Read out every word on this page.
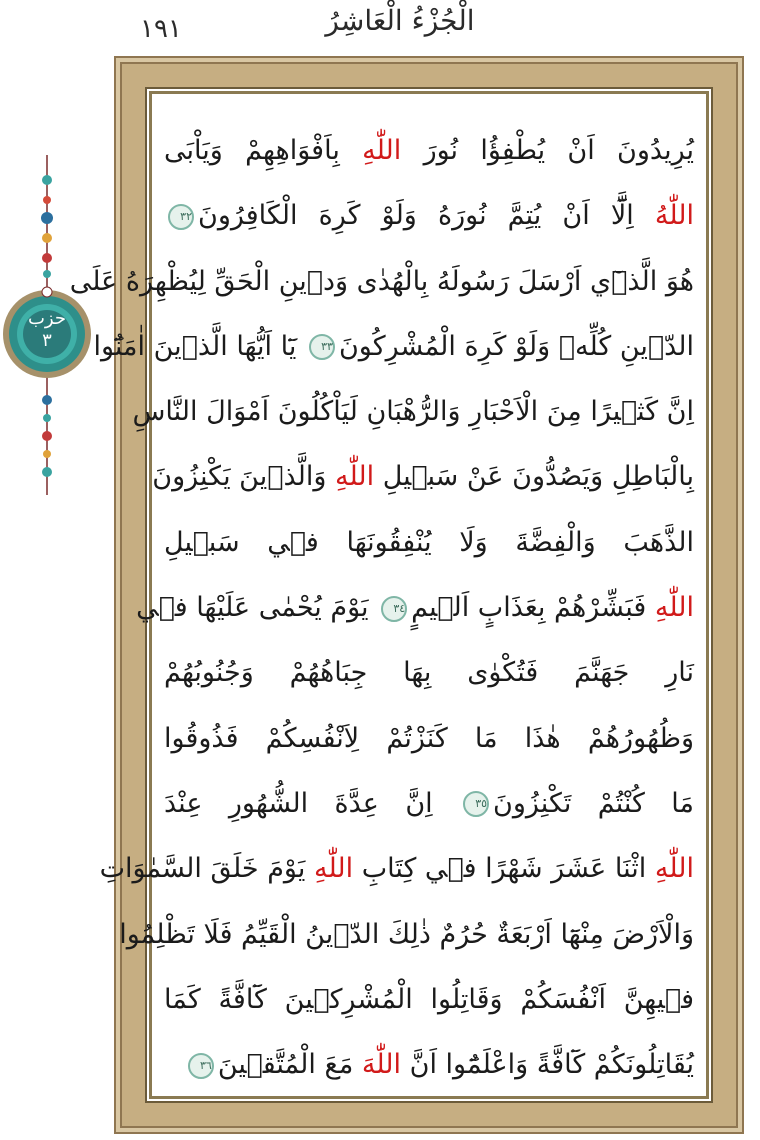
١٩١	الْجُزْءُ الْعَاشِرُ
حزب
٣
يُرِيدُونَ اَنْ يُطْفِؤُا نُورَ اللّٰهِ بِاَفْوَاهِهِمْ وَيَاْبَى
اللّٰهُ اِلَّٓا اَنْ يُتِمَّ نُورَهُ وَلَوْ كَرِهَ الْكَافِرُونَ٣٢
هُوَ الَّذٖٓي اَرْسَلَ رَسُولَهُ بِالْهُدٰى وَدٖينِ الْحَقِّ لِيُظْهِرَهُ عَلَى
الدّٖينِ كُلِّهٖ وَلَوْ كَرِهَ الْمُشْرِكُونَ٣٣ يَٓا اَيُّهَا الَّذٖينَ اٰمَنُٓوا
اِنَّ كَثٖيرًا مِنَ الْاَحْبَارِ وَالرُّهْبَانِ لَيَاْكُلُونَ اَمْوَالَ النَّاسِ
بِالْبَاطِلِ وَيَصُدُّونَ عَنْ سَبٖيلِ اللّٰهِ وَالَّذٖينَ يَكْنِزُونَ
الذَّهَبَ وَالْفِضَّةَ وَلَا يُنْفِقُونَهَا فٖي سَبٖيلِ
اللّٰهِ فَبَشِّرْهُمْ بِعَذَابٍ اَلٖيمٍ٣٤ يَوْمَ يُحْمٰى عَلَيْهَا فٖي
نَارِ جَهَنَّمَ فَتُكْوٰى بِهَا جِبَاهُهُمْ وَجُنُوبُهُمْ
وَظُهُورُهُمْ هٰذَا مَا كَنَزْتُمْ لِاَنْفُسِكُمْ فَذُوقُوا
مَا كُنْتُمْ تَكْنِزُونَ٣٥ اِنَّ عِدَّةَ الشُّهُورِ عِنْدَ
اللّٰهِ اثْنَا عَشَرَ شَهْرًا فٖي كِتَابِ اللّٰهِ يَوْمَ خَلَقَ السَّمٰوَاتِ
وَالْاَرْضَ مِنْهَٓا اَرْبَعَةٌ حُرُمٌ ذٰلِكَ الدّٖينُ الْقَيِّمُ فَلَا تَظْلِمُوا
فٖيهِنَّ اَنْفُسَكُمْ وَقَاتِلُوا الْمُشْرِكٖينَ كَٓافَّةً كَمَا
يُقَاتِلُونَكُمْ كَٓافَّةً وَاعْلَمُٓوا اَنَّ اللّٰهَ مَعَ الْمُتَّقٖينَ٣٦
